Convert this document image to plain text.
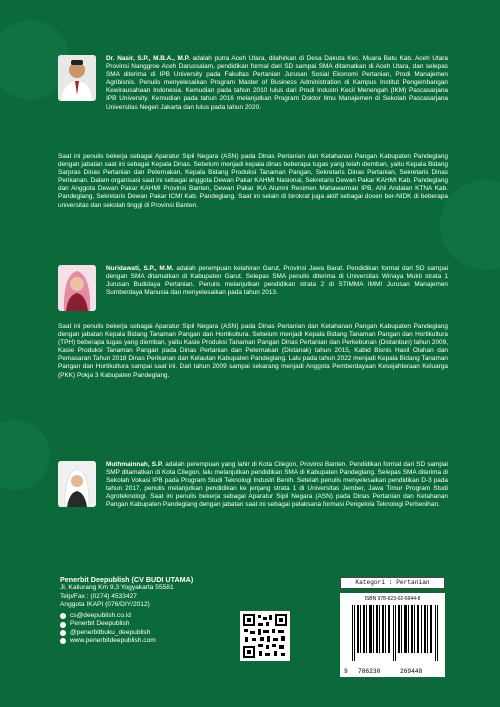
Dr. Nasir, S.P., M.B.A., M.P. adalah putra Aceh Utara, dilahirkan di Desa Dakuta Kec. Muara Batu Kab. Aceh Utara Provinsi Nanggroe Aceh Darussalam, pendidikan formal dari SD sampai SMA ditamatkan di Aceh Utara, dan selepas SMA diterima di IPB University pada Fakultas Pertanian Jurusan Sosial Ekonomi Pertanian, Prodi Manajemen Agribisnis. Penulis menyelesaikan Program Master of Business Administration di Kampus Institut Pengembangan Kewirausahaan Indonesia. Kemudian pada tahun 2010 lulus dari Prodi Industri Kecil Menengah (IKM) Pascasarjana IPB University. Kemudian pada tahun 2016 melanjutkan Program Doktor Ilmu Manajemen di Sekolah Pascasarjana Universitas Negeri Jakarta dan lulus pada tahun 2020.

Saat ini penulis bekerja sebagai Aparatur Sipil Negara (ASN) pada Dinas Pertanian dan Ketahanan Pangan Kabupaten Pandeglang dengan jabatan saat ini sebagai Kepala Dinas. Sebelum menjadi kepala dinas beberapa tugas yang telah diemban, yaitu Kepala Bidang Sarpras Dinas Pertanian dan Peternakan, Kepala Bidang Produksi Tanaman Pangan, Sekretaris Dinas Pertanian, Sekretaris Dinas Perikanan. Dalam organisasi saat ini sebagai anggota Dewan Pakar KAHMI Nasional, Sekretaris Dewan Pakar KAHMI Kab. Pandeglang dan Anggota Dewan Pakar KAHMI Provinsi Banten, Dewan Pakar IKA Alumni Resimen Mahawarman IPB, Ahli Andalan KTNA Kab. Pandeglang, Sekretaris Dewan Pakar ICMI Kab. Pandeglang. Saat ini selain di birokrat juga aktif sebagai dosen ber-NIDK di beberapa universitas dan sekolah tinggi di Provinsi Banten.

Nuridawati, S.P., M.M. adalah perempuan kelahiran Garut, Provinsi Jawa Barat. Pendidikan formal dari SD sampai dengan SMA ditamatkan di Kabupaten Garut. Selepas SMA penulis diterima di Universitas Winaya Mukti strata 1 Jurusan Budidaya Pertanian. Penulis melanjutkan pendidikan strata 2 di STIMMA IMMI Jurusan Manajemen Sumberdaya Manusia dan menyelesaikan pada tahun 2013.

Saat ini penulis bekerja sebagai Aparatur Sipil Negara (ASN) pada Dinas Pertanian dan Ketahanan Pangan Kabupaten Pandeglang dengan jabatan Kepala Bidang Tanaman Pangan dan Hortikultura. Sebelum menjadi Kepala Bidang Tanaman Pangan dan Hortikultura (TPH) beberapa tugas yang diemban, yaitu Kasie Produksi Tanaman Pangan Dinas Pertanian dan Perkebunan (Distanbun) tahun 2009, Kasie Produksi Tanaman Pangan pada Dinas Pertanian dan Peternakan (Distanak) tahun 2015, Kabid Bisnis Hasil Olahan dan Pemasaran Tahun 2018 Dinas Perikanan dan Kelautan Kabupaten Pandeglang. Lalu pada tahun 2022 menjadi Kepala Bidang Tanaman Pangan dan Hortikultura sampai saat ini. Dari tahun 2009 sampai sekarang menjadi Anggota Pemberdayaan Kesejahteraan Keluarga (PKK) Pokja 3 Kabupaten Pandeglang.

Muthmainnah, S.P. adalah perempuan yang lahir di Kota Cilegon, Provinsi Banten. Pendidikan formal dari SD sampai SMP ditamatkan di Kota Cilegon, lalu melanjutkan pendidikan SMA di Kabupaten Pandeglang. Selepas SMA diterima di Sekolah Vokasi IPB pada Program Studi Teknologi Industri Benih. Setelah penulis menyelesaikan pendidikan D-3 pada tahun 2017, penulis melanjutkan pendidikan ke jenjang strata 1 di Universitas Jember, Jawa Timur Program Studi Agroteknologi. Saat ini penulis bekerja sebagai Aparatur Sipil Negara (ASN) pada Dinas Pertanian dan Ketahanan Pangan Kabupaten Pandeglang dengan jabatan saat ini sebagai pelaksana formasi Pengelola Teknologi Perbenihan.

Penerbit Deepublish (CV BUDI UTAMA)
Jl. Kaliurang Km 9,3 Yogyakarta 55581
Telp/Fax : (0274) 4533427
Anggota IKAPI (076/DIY/2012)
cs@deepublish.co.id
Penerbit Deepublish
@penerbitbuku_deepublish
www.penerbitdeepublish.com
Kategori : Pertanian
ISBN 978-623-02-6944-8
9 786230	269448
